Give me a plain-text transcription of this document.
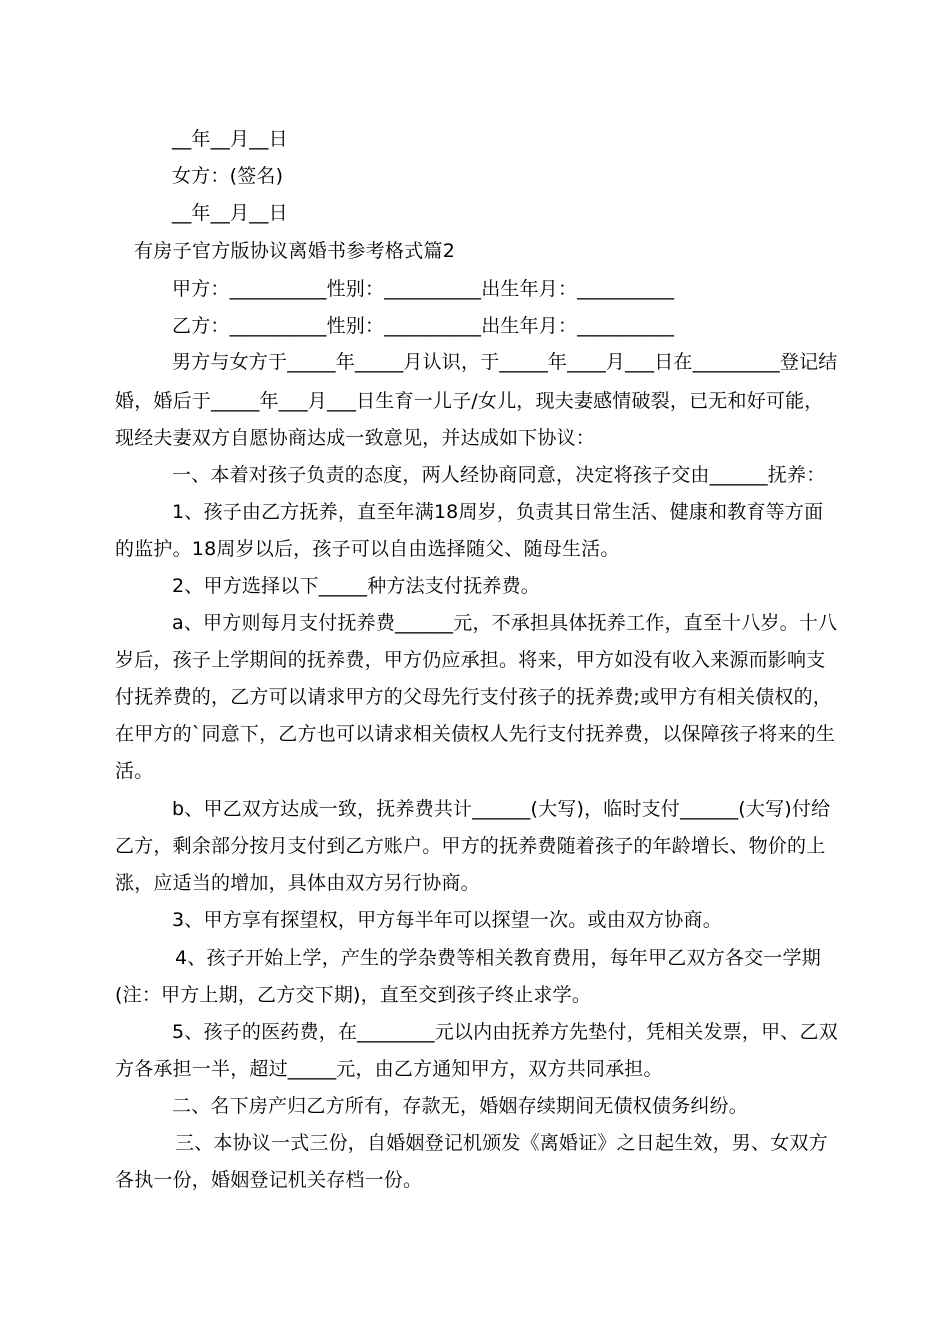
__年__月__日
女方：(签名)
__年__月__日
有房子官方版协议离婚书参考格式篇2
甲方：__________性别：__________出生年月：__________
乙方：__________性别：__________出生年月：__________
男方与女方于_____年_____月认识，于_____年____月___日在_________登记结
婚，婚后于_____年___月___日生育一儿子/女儿，现夫妻感情破裂，已无和好可能，
现经夫妻双方自愿协商达成一致意见，并达成如下协议：
一、本着对孩子负责的态度，两人经协商同意，决定将孩子交由______抚养：
1、孩子由乙方抚养，直至年满18周岁，负责其日常生活、健康和教育等方面
的监护。18周岁以后，孩子可以自由选择随父、随母生活。
2、甲方选择以下_____种方法支付抚养费。
a、甲方则每月支付抚养费______元，不承担具体抚养工作，直至十八岁。十八
岁后，孩子上学期间的抚养费，甲方仍应承担。将来，甲方如没有收入来源而影响支
付抚养费的，乙方可以请求甲方的父母先行支付孩子的抚养费;或甲方有相关债权的，
在甲方的`同意下，乙方也可以请求相关债权人先行支付抚养费，以保障孩子将来的生
活。
b、甲乙双方达成一致，抚养费共计______(大写)，临时支付______(大写)付给
乙方，剩余部分按月支付到乙方账户。甲方的抚养费随着孩子的年龄增长、物价的上
涨，应适当的增加，具体由双方另行协商。
3、甲方享有探望权，甲方每半年可以探望一次。或由双方协商。
4、孩子开始上学，产生的学杂费等相关教育费用，每年甲乙双方各交一学期
(注：甲方上期，乙方交下期)，直至交到孩子终止求学。
5、孩子的医药费，在________元以内由抚养方先垫付，凭相关发票，甲、乙双
方各承担一半，超过_____元，由乙方通知甲方，双方共同承担。
二、名下房产归乙方所有，存款无，婚姻存续期间无债权债务纠纷。
三、本协议一式三份，自婚姻登记机颁发《离婚证》之日起生效，男、女双方
各执一份，婚姻登记机关存档一份。
